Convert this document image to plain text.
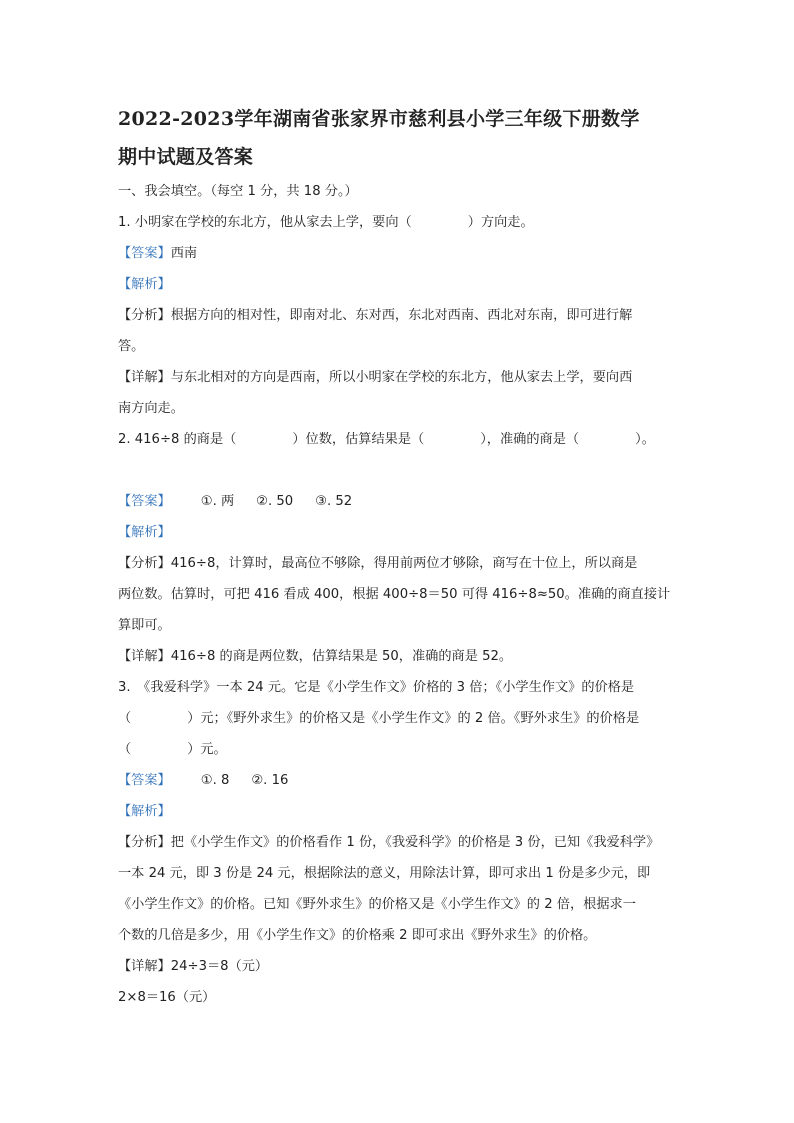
2022-2023学年湖南省张家界市慈利县小学三年级下册数学

期中试题及答案

一、我会填空。（每空 1 分，共 18 分。）

1. 小明家在学校的东北方，他从家去上学，要向（	）方向走。

【答案】西南

【解析】

【分析】根据方向的相对性，即南对北、东对西，东北对西南、西北对东南，即可进行解

答。

【详解】与东北相对的方向是西南，所以小明家在学校的东北方，他从家去上学，要向西

南方向走。

2. 416÷8 的商是（	）位数，估算结果是（	），准确的商是（	）。

【答案】 ①. 两 ②. 50 ③. 52

【解析】

【分析】416÷8，计算时，最高位不够除，得用前两位才够除，商写在十位上，所以商是

两位数。估算时，可把 416 看成 400，根据 400÷8＝50 可得 416÷8≈50。准确的商直接计

算即可。

【详解】416÷8 的商是两位数，估算结果是 50，准确的商是 52。

3.　《我爱科学》一本 24 元。它是《小学生作文》价格的 3 倍；《小学生作文》的价格是

（	）元；《野外求生》的价格又是《小学生作文》的 2 倍。《野外求生》的价格是

（	）元。

【答案】 ①. 8 ②. 16

【解析】

【分析】把《小学生作文》的价格看作 1 份，《我爱科学》的价格是 3 份，已知《我爱科学》

一本 24 元，即 3 份是 24 元，根据除法的意义，用除法计算，即可求出 1 份是多少元，即

《小学生作文》的价格。已知《野外求生》的价格又是《小学生作文》的 2 倍，根据求一

个数的几倍是多少，用《小学生作文》的价格乘 2 即可求出《野外求生》的价格。

【详解】24÷3＝8（元）

2×8＝16（元）
